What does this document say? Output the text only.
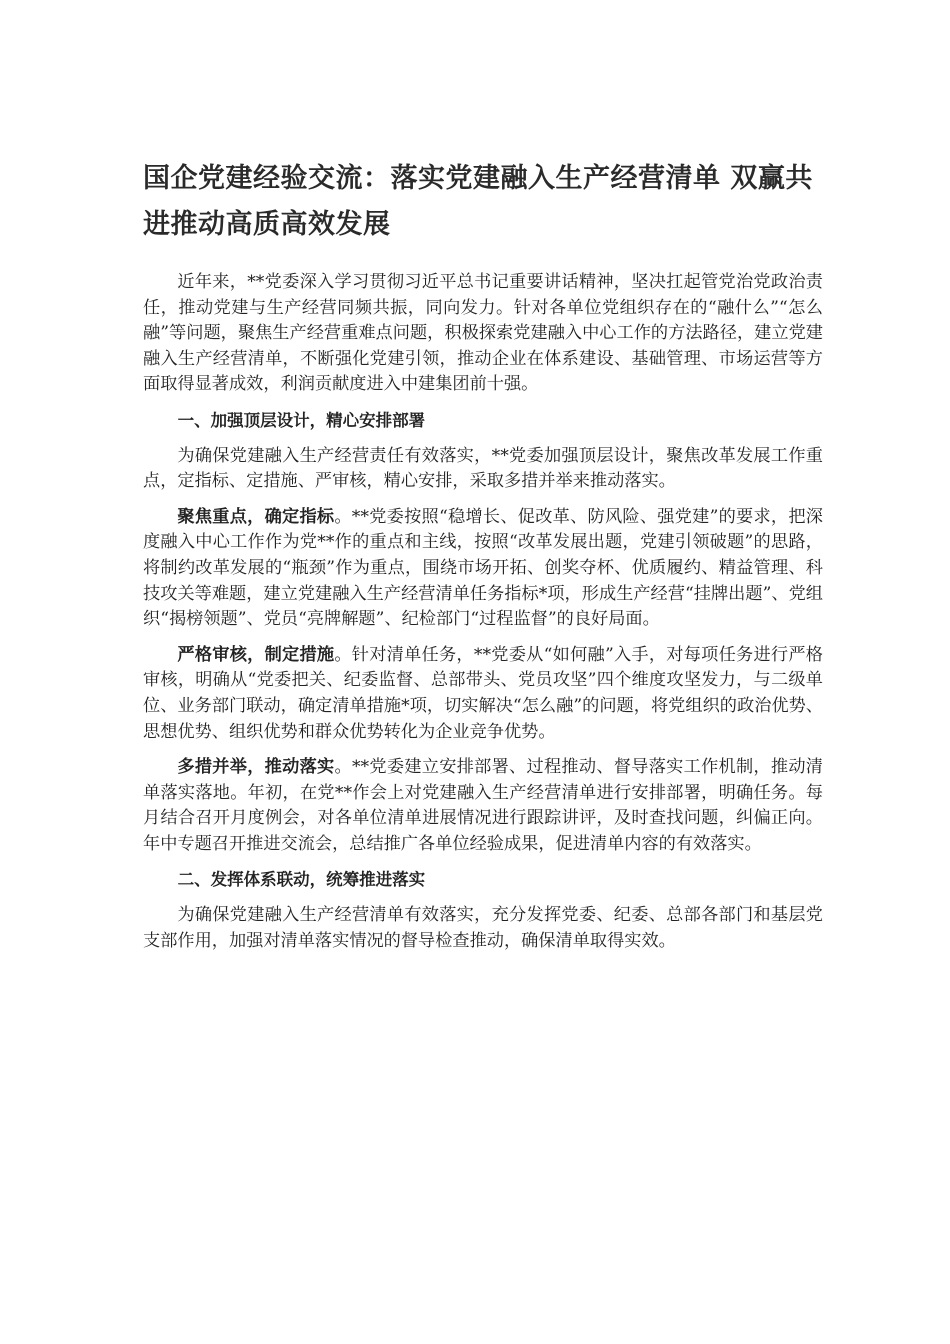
国企党建经验交流：落实党建融入生产经营清单 双赢共进推动高质高效发展

近年来，**党委深入学习贯彻习近平总书记重要讲话精神，坚决扛起管党治党政治责任，推动党建与生产经营同频共振，同向发力。针对各单位党组织存在的“融什么”“怎么融”等问题，聚焦生产经营重难点问题，积极探索党建融入中心工作的方法路径，建立党建融入生产经营清单，不断强化党建引领，推动企业在体系建设、基础管理、市场运营等方面取得显著成效，利润贡献度进入中建集团前十强。

一、加强顶层设计，精心安排部署

为确保党建融入生产经营责任有效落实，**党委加强顶层设计，聚焦改革发展工作重点，定指标、定措施、严审核，精心安排，采取多措并举来推动落实。

聚焦重点，确定指标。**党委按照“稳增长、促改革、防风险、强党建”的要求，把深度融入中心工作作为党**作的重点和主线，按照“改革发展出题，党建引领破题”的思路，将制约改革发展的“瓶颈”作为重点，围绕市场开拓、创奖夺杯、优质履约、精益管理、科技攻关等难题，建立党建融入生产经营清单任务指标*项，形成生产经营“挂牌出题”、党组织“揭榜领题”、党员“亮牌解题”、纪检部门“过程监督”的良好局面。

严格审核，制定措施。针对清单任务，**党委从“如何融”入手，对每项任务进行严格审核，明确从“党委把关、纪委监督、总部带头、党员攻坚”四个维度攻坚发力，与二级单位、业务部门联动，确定清单措施*项，切实解决“怎么融”的问题，将党组织的政治优势、思想优势、组织优势和群众优势转化为企业竞争优势。

多措并举，推动落实。**党委建立安排部署、过程推动、督导落实工作机制，推动清单落实落地。年初，在党**作会上对党建融入生产经营清单进行安排部署，明确任务。每月结合召开月度例会，对各单位清单进展情况进行跟踪讲评，及时查找问题，纠偏正向。年中专题召开推进交流会，总结推广各单位经验成果，促进清单内容的有效落实。

二、发挥体系联动，统筹推进落实

为确保党建融入生产经营清单有效落实，充分发挥党委、纪委、总部各部门和基层党支部作用，加强对清单落实情况的督导检查推动，确保清单取得实效。
